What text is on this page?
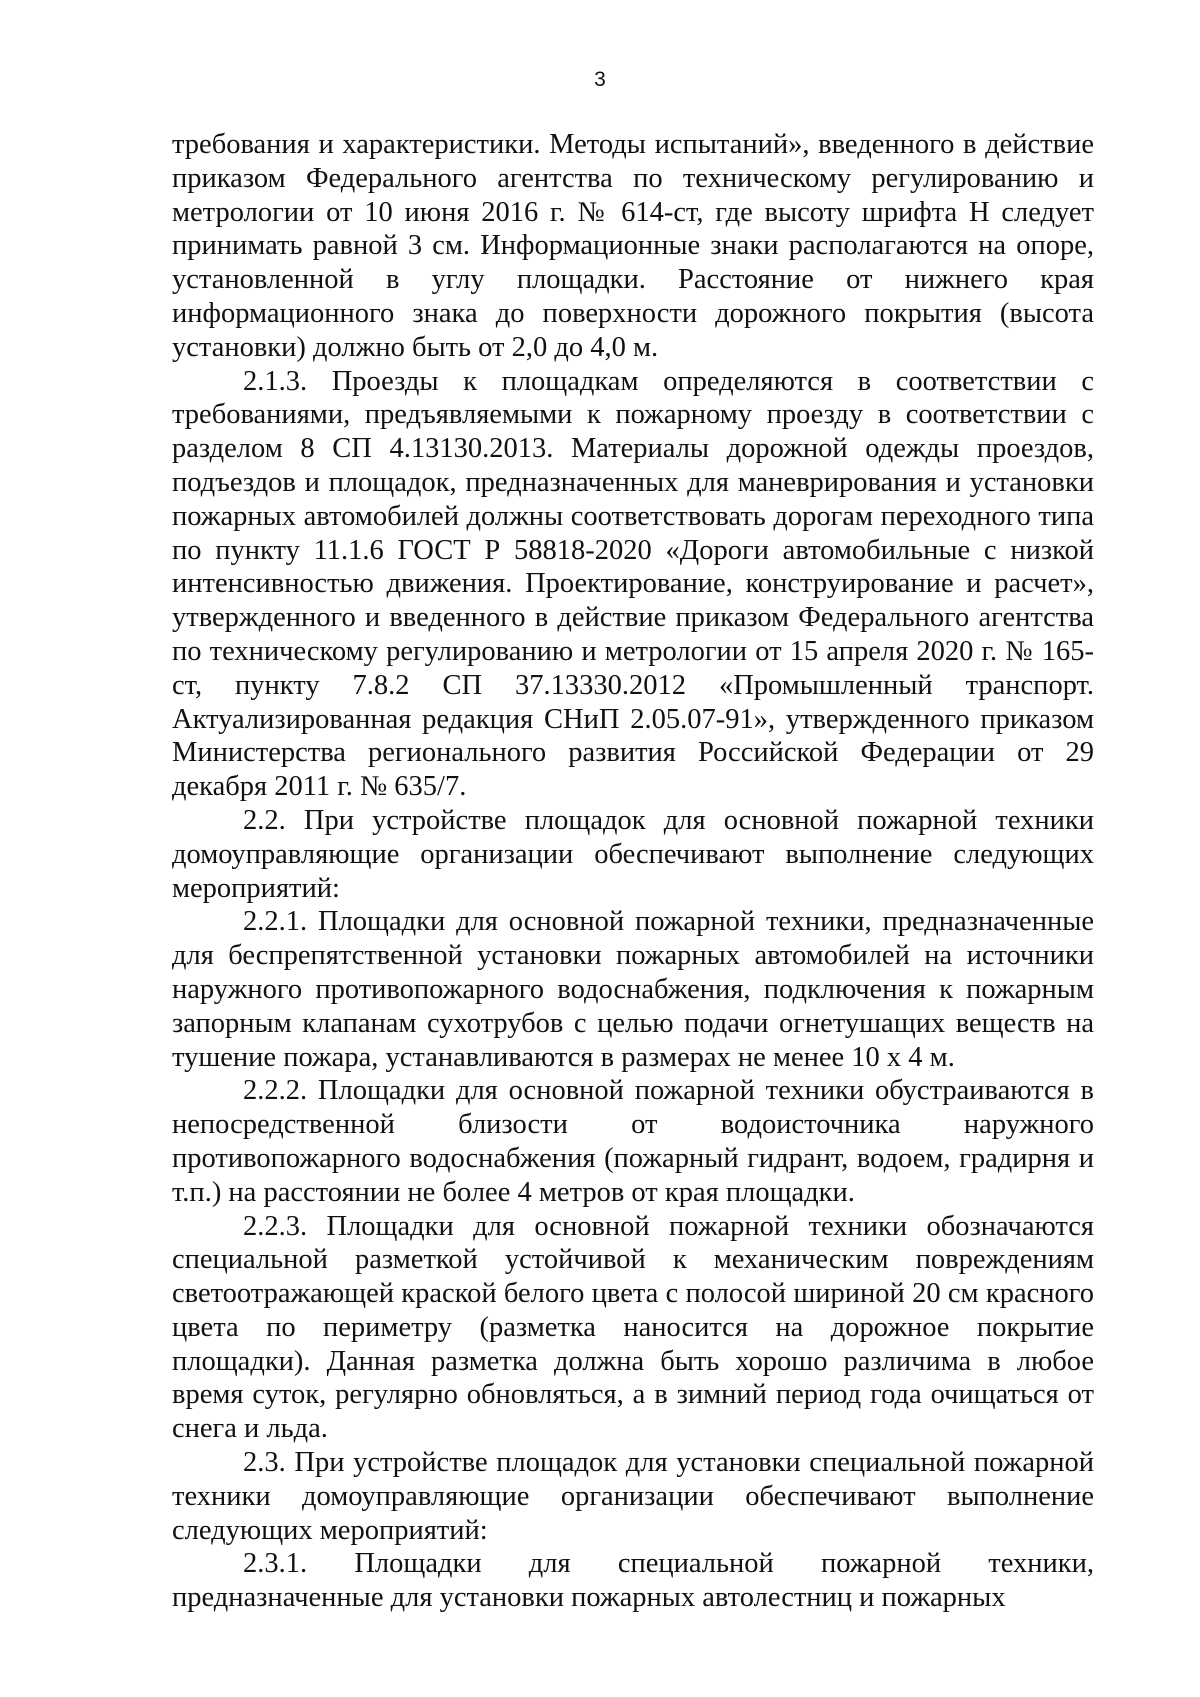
3

требования и характеристики. Методы испытаний», введенного в действие приказом Федерального агентства по техническому регулированию и метрологии от 10 июня 2016 г. № 614-ст, где высоту шрифта Н следует принимать равной 3 см. Информационные знаки располагаются на опоре, установленной в углу площадки. Расстояние от нижнего края информационного знака до поверхности дорожного покрытия (высота установки) должно быть от 2,0 до 4,0 м.

2.1.3. Проезды к площадкам определяются в соответствии с требованиями, предъявляемыми к пожарному проезду в соответствии с разделом 8 СП 4.13130.2013. Материалы дорожной одежды проездов, подъездов и площадок, предназначенных для маневрирования и установки пожарных автомобилей должны соответствовать дорогам переходного типа по пункту 11.1.6 ГОСТ Р 58818-2020 «Дороги автомобильные с низкой интенсивностью движения. Проектирование, конструирование и расчет», утвержденного и введенного в действие приказом Федерального агентства по техническому регулированию и метрологии от 15 апреля 2020 г. № 165-ст, пункту 7.8.2 СП 37.13330.2012 «Промышленный транспорт. Актуализированная редакция СНиП 2.05.07-91», утвержденного приказом Министерства регионального развития Российской Федерации от 29 декабря 2011 г. № 635/7.

2.2. При устройстве площадок для основной пожарной техники домоуправляющие организации обеспечивают выполнение следующих мероприятий:

2.2.1. Площадки для основной пожарной техники, предназначенные для беспрепятственной установки пожарных автомобилей на источники наружного противопожарного водоснабжения, подключения к пожарным запорным клапанам сухотрубов с целью подачи огнетушащих веществ на тушение пожара, устанавливаются в размерах не менее 10 х 4 м.

2.2.2. Площадки для основной пожарной техники обустраиваются в непосредственной близости от водоисточника наружного противопожарного водоснабжения (пожарный гидрант, водоем, градирня и т.п.) на расстоянии не более 4 метров от края площадки.

2.2.3. Площадки для основной пожарной техники обозначаются специальной разметкой устойчивой к механическим повреждениям светоотражающей краской белого цвета с полосой шириной 20 см красного цвета по периметру (разметка наносится на дорожное покрытие площадки). Данная разметка должна быть хорошо различима в любое время суток, регулярно обновляться, а в зимний период года очищаться от снега и льда.

2.3. При устройстве площадок для установки специальной пожарной техники домоуправляющие организации обеспечивают выполнение следующих мероприятий:

2.3.1. Площадки для специальной пожарной техники, предназначенные для установки пожарных автолестниц и пожарных
